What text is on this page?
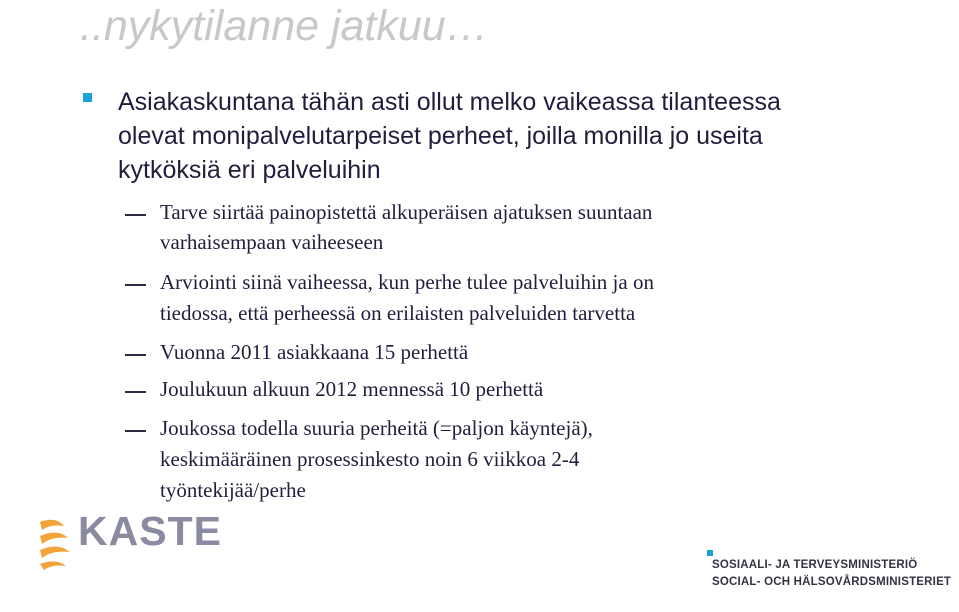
..nykytilanne jatkuu…
Asiakaskuntana tähän asti ollut melko vaikeassa tilanteessa olevat monipalvelutarpeiset perheet, joilla monilla jo useita kytköksiä eri palveluihin
Tarve siirtää painopistettä alkuperäisen ajatuksen suuntaan
varhaisempaan vaiheeseen
Arviointi siinä vaiheessa, kun perhe tulee palveluihin ja on
tiedossa, että perheessä on erilaisten palveluiden tarvetta
Vuonna 2011 asiakkaana 15 perhettä
Joulukuun alkuun 2012 mennessä 10 perhettä
Joukossa todella suuria perheitä (=paljon käyntejä),
keskimääräinen prosessinkesto noin 6 viikkoa 2-4
työntekijää/perhe
KASTE
SOSIAALI- JA TERVEYSMINISTERIÖ
SOCIAL- OCH HÄLSOVÅRDSMINISTERIET
